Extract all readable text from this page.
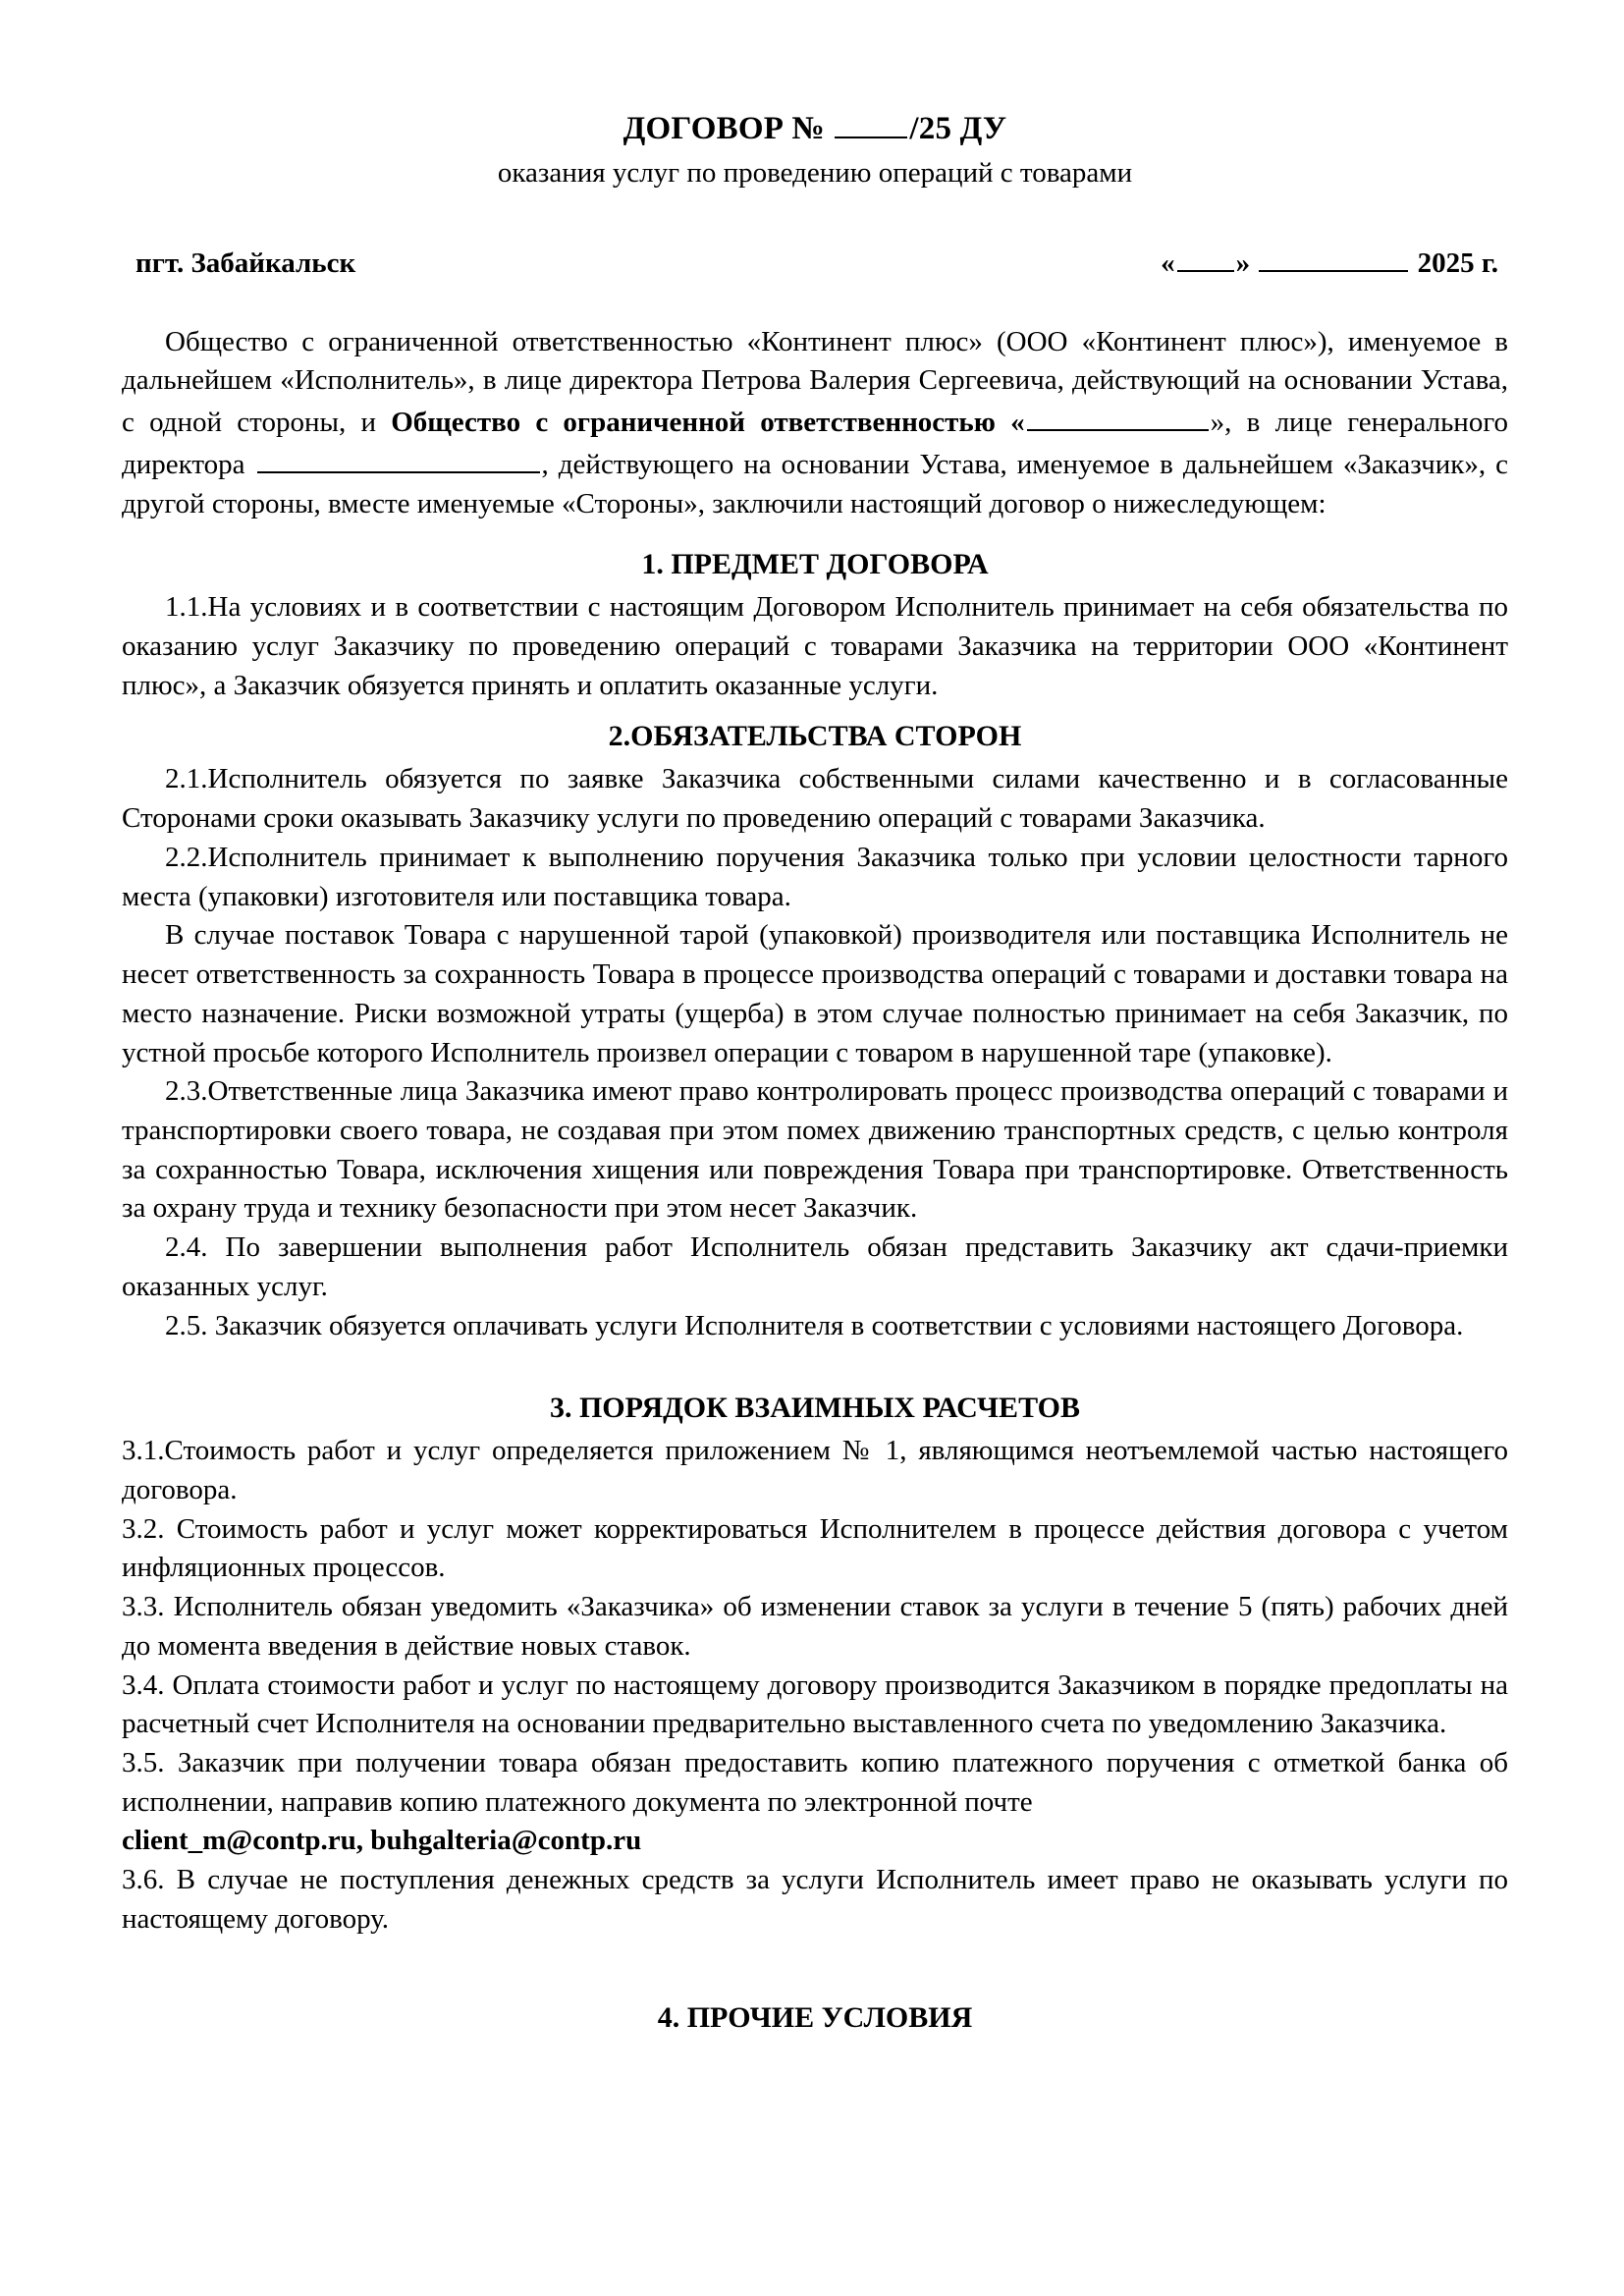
ДОГОВОР № /25 ДУ
оказания услуг по проведению операций с товарами
пгт. Забайкальск	« »	2025 г.

Общество с ограниченной ответственностью «Континент плюс» (ООО «Континент плюс»), именуемое в дальнейшем «Исполнитель», в лице директора Петрова Валерия Сергеевича, действующий на основании Устава, с одной стороны, и Общество с ограниченной ответственностью «	», в лице генерального директора	, действующего на основании Устава, именуемое в дальнейшем «Заказчик», с другой стороны, вместе именуемые «Стороны», заключили настоящий договор о нижеследующем:

1. ПРЕДМЕТ ДОГОВОРА

1.1.На условиях и в соответствии с настоящим Договором Исполнитель принимает на себя обязательства по оказанию услуг Заказчику по проведению операций с товарами Заказчика на территории ООО «Континент плюс», а Заказчик обязуется принять и оплатить оказанные услуги.

2.ОБЯЗАТЕЛЬСТВА СТОРОН

2.1.Исполнитель обязуется по заявке Заказчика собственными силами качественно и в согласованные Сторонами сроки оказывать Заказчику услуги по проведению операций с товарами Заказчика.

2.2.Исполнитель принимает к выполнению поручения Заказчика только при условии целостности тарного места (упаковки) изготовителя или поставщика товара.

В случае поставок Товара с нарушенной тарой (упаковкой) производителя или поставщика Исполнитель не несет ответственность за сохранность Товара в процессе производства операций с товарами и доставки товара на место назначение. Риски возможной утраты (ущерба) в этом случае полностью принимает на себя Заказчик, по устной просьбе которого Исполнитель произвел операции с товаром в нарушенной таре (упаковке).

2.3.Ответственные лица Заказчика имеют право контролировать процесс производства операций с товарами и транспортировки своего товара, не создавая при этом помех движению транспортных средств, с целью контроля за сохранностью Товара, исключения хищения или повреждения Товара при транспортировке. Ответственность за охрану труда и технику безопасности при этом несет Заказчик.

2.4. По завершении выполнения работ Исполнитель обязан представить Заказчику акт сдачи-приемки оказанных услуг.

2.5. Заказчик обязуется оплачивать услуги Исполнителя в соответствии с условиями настоящего Договора.

3. ПОРЯДОК ВЗАИМНЫХ РАСЧЕТОВ

3.1.Стоимость работ и услуг определяется приложением № 1, являющимся неотъемлемой частью настоящего договора.

3.2. Стоимость работ и услуг может корректироваться Исполнителем в процессе действия договора с учетом инфляционных процессов.

3.3. Исполнитель обязан уведомить «Заказчика» об изменении ставок за услуги в течение 5 (пять) рабочих дней до момента введения в действие новых ставок.

3.4. Оплата стоимости работ и услуг по настоящему договору производится Заказчиком в порядке предоплаты на расчетный счет Исполнителя на основании предварительно выставленного счета по уведомлению Заказчика.

3.5. Заказчик при получении товара обязан предоставить копию платежного поручения с отметкой банка об исполнении, направив копию платежного документа по электронной почте

client_m@contp.ru, buhgalteria@contp.ru

3.6. В случае не поступления денежных средств за услуги Исполнитель имеет право не оказывать услуги по настоящему договору.

4. ПРОЧИЕ УСЛОВИЯ
